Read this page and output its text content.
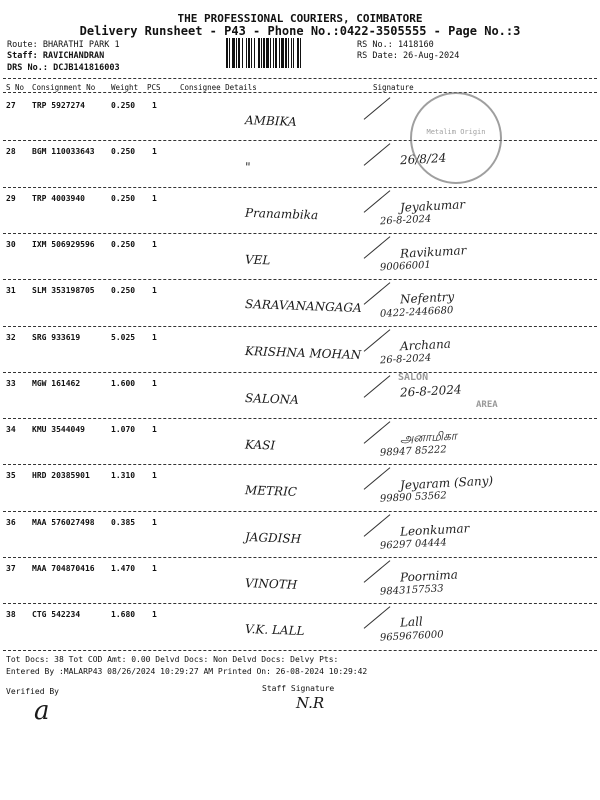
THE PROFESSIONAL COURIERS, COIMBATORE
Delivery Runsheet - P43 - Phone No.:0422-3505555 - Page No.:3
Route: BHARATHI PARK 1
Staff: RAVICHANDRAN
DRS No.: DCJB141816003
RS No.: 1418160
RS Date: 26-Aug-2024
S No Consignment No Weight PCS	Consignee Details	Signature
27 TRP 5927274	0.250 1
AMBIKA
28 BGM 110033643 0.250 1
"	26/8/24
29 TRP 4003940	0.250 1
Pranambika	Jeyakumar
26-8-2024
30 IXM 506929596 0.250 1
VEL	Ravikumar
90066001
31 SLM 353198705 0.250 1
SARAVANANGAGA	Nefentry
0422-2446680
32 SRG 933619	5.025 1
KRISHNA MOHAN	Archana
26-8-2024
33 MGW 161462	1.600 1
SALONA	26-8-2024
34 KMU 3544049	1.070 1
KASI	அனாமிகா
98947 85222
35 HRD 20385901	1.310 1
METRIC	Jeyaram (Sany)
99890 53562
36 MAA 576027498 0.385 1
JAGDISH	Leonkumar
96297 04444
37 MAA 704870416 1.470 1
VINOTH	Poornima
9843157533
38 CTG 542234	1.680 1
V.K. LALL	Lall
9659676000
Metalim Origin
SALON
AREA
Tot Docs: 38 Tot COD Amt: 0.00 Delvd Docs: Non Delvd Docs: Delvy Pts:
Entered By :MALARP43 08/26/2024 10:29:27 AM Printed On: 26-08-2024 10:29:42
Verified By	Staff Signature
a	N.R
